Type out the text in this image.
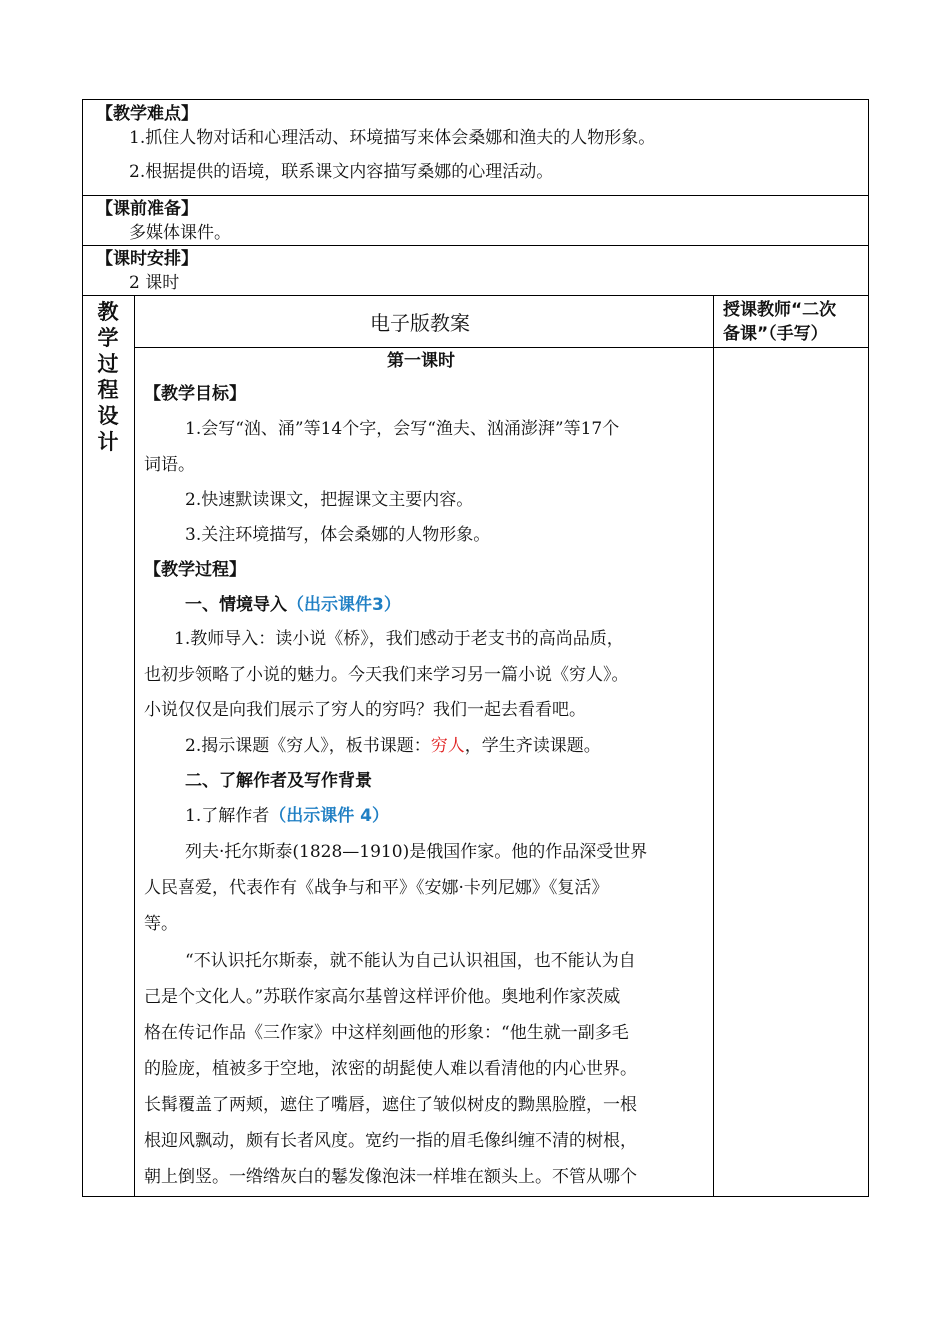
【教学难点】
1.抓住人物对话和心理活动、环境描写来体会桑娜和渔夫的人物形象。
2.根据提供的语境，联系课文内容描写桑娜的心理活动。
【课前准备】
多媒体课件。
【课时安排】
2 课时
教
学
过
程
设
计
电子版教案
授课教师“二次
备课”（手写）
第一课时
【教学目标】
1.会写“汹、涌”等14个字，会写“渔夫、汹涌澎湃”等17个
词语。
2.快速默读课文，把握课文主要内容。
3.关注环境描写，体会桑娜的人物形象。
【教学过程】
一、情境导入（出示课件3）
1.教师导入：读小说《桥》，我们感动于老支书的高尚品质，
也初步领略了小说的魅力。今天我们来学习另一篇小说《穷人》。
小说仅仅是向我们展示了穷人的穷吗？我们一起去看看吧。
2.揭示课题《穷人》，板书课题：穷人，学生齐读课题。
二、了解作者及写作背景
1.了解作者（出示课件 4）
列夫·托尔斯泰(1828—1910)是俄国作家。他的作品深受世界
人民喜爱，代表作有《战争与和平》《安娜·卡列尼娜》《复活》
等。
“不认识托尔斯泰，就不能认为自己认识祖国，也不能认为自
己是个文化人。”苏联作家高尔基曾这样评价他。奥地利作家茨威
格在传记作品《三作家》中这样刻画他的形象：“他生就一副多毛
的脸庞，植被多于空地，浓密的胡髭使人难以看清他的内心世界。
长髯覆盖了两颊，遮住了嘴唇，遮住了皱似树皮的黝黑脸膛，一根
根迎风飘动，颇有长者风度。宽约一指的眉毛像纠缠不清的树根，
朝上倒竖。一绺绺灰白的鬈发像泡沫一样堆在额头上。不管从哪个
